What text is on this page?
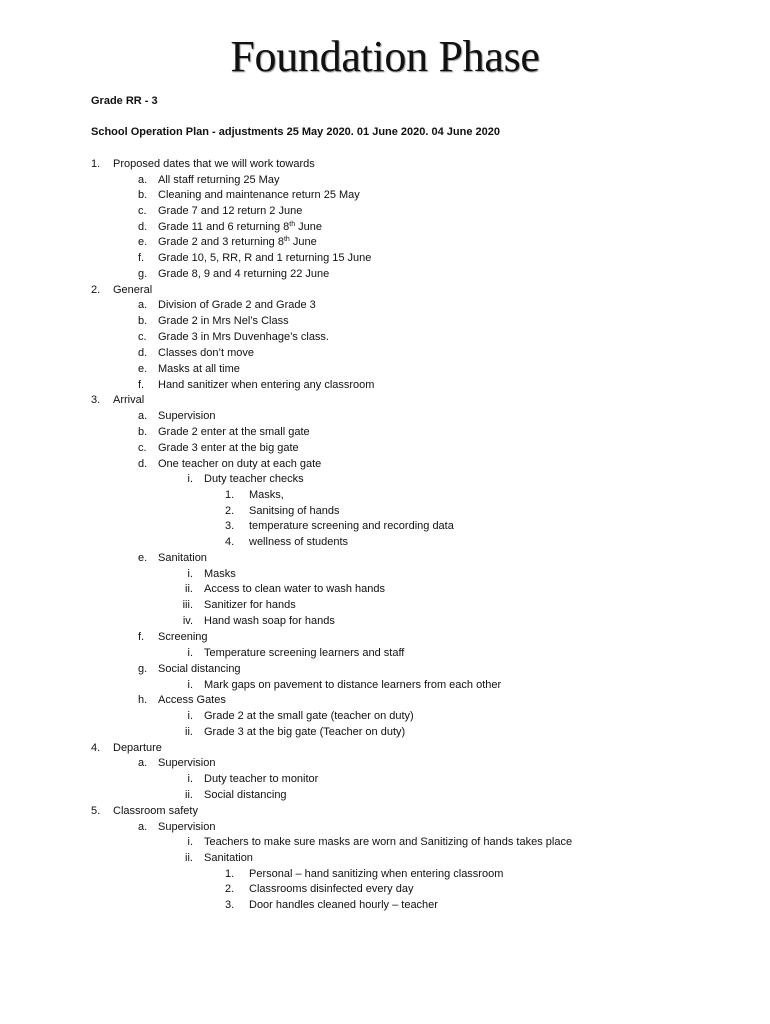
Foundation Phase
Grade RR - 3
School Operation Plan - adjustments 25 May 2020. 01 June 2020. 04 June 2020
1. Proposed dates that we will work towards
a. All staff returning 25 May
b. Cleaning and maintenance return 25 May
c. Grade 7 and 12 return 2 June
d. Grade 11 and 6 returning 8th June
e. Grade 2 and 3 returning 8th June
f. Grade 10, 5, RR, R and 1 returning 15 June
g. Grade 8, 9 and 4 returning 22 June
2. General
a. Division of Grade 2 and Grade 3
b. Grade 2 in Mrs Nel’s Class
c. Grade 3 in Mrs Duvenhage’s class.
d. Classes don’t move
e. Masks at all time
f. Hand sanitizer when entering any classroom
3. Arrival
a. Supervision
b. Grade 2 enter at the small gate
c. Grade 3 enter at the big gate
d. One teacher on duty at each gate
i. Duty teacher checks
1. Masks,
2. Sanitsing of hands
3. temperature screening and recording data
4. wellness of students
e. Sanitation
i. Masks
ii. Access to clean water to wash hands
iii. Sanitizer for hands
iv. Hand wash soap for hands
f. Screening
i. Temperature screening learners and staff
g. Social distancing
i. Mark gaps on pavement to distance learners from each other
h. Access Gates
i. Grade 2 at the small gate (teacher on duty)
ii. Grade 3 at the big gate (Teacher on duty)
4. Departure
a. Supervision
i. Duty teacher to monitor
ii. Social distancing
5. Classroom safety
a. Supervision
i. Teachers to make sure masks are worn and Sanitizing of hands takes place
ii. Sanitation
1. Personal – hand sanitizing when entering classroom
2. Classrooms disinfected every day
3. Door handles cleaned hourly – teacher
